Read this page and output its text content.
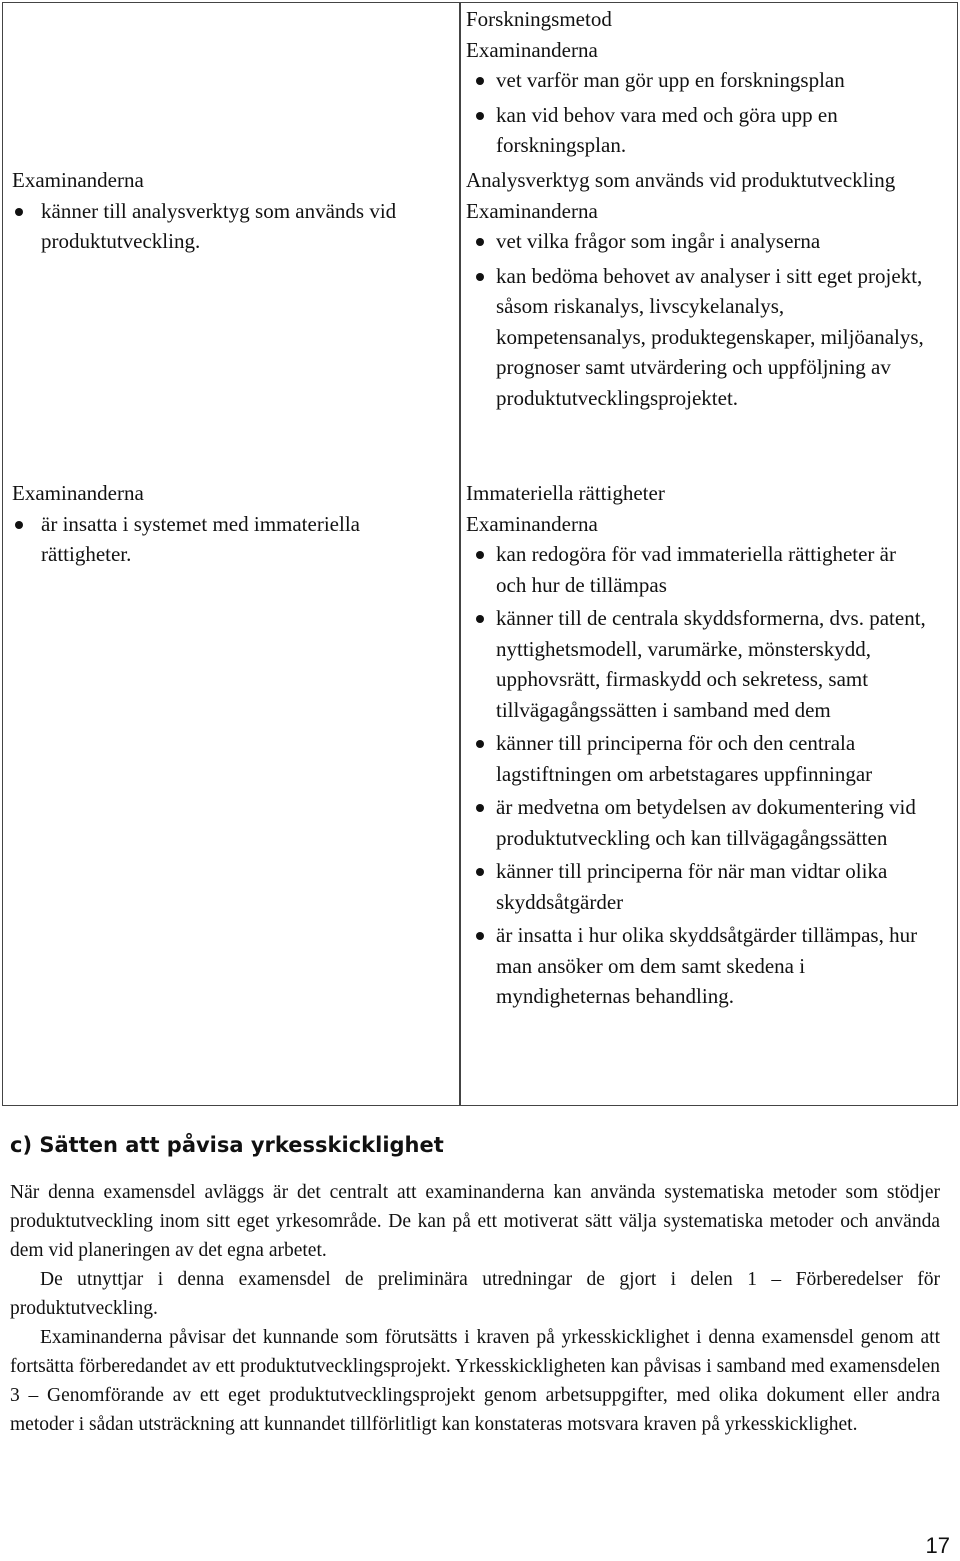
Examinanderna

känner till analysverktyg som används vid produktutveckling.

Examinanderna

är insatta i systemet med immateriella rättigheter.

Forskningsmetod

Examinanderna

vet varför man gör upp en forskningsplan
kan vid behov vara med och göra upp en forskningsplan.

Analysverktyg som används vid produktutveckling

Examinanderna

vet vilka frågor som ingår i analyserna
kan bedöma behovet av analyser i sitt eget projekt, såsom riskanalys, livscykelanalys, kompetensanalys, produktegenskaper, miljöanalys, prognoser samt utvärdering och uppföljning av produktutvecklingsprojektet.

Immateriella rättigheter

Examinanderna

kan redogöra för vad immateriella rättigheter är och hur de tillämpas
känner till de centrala skyddsformerna, dvs. patent, nyttighetsmodell, varumärke, mönsterskydd, upphovsrätt, firmaskydd och sekretess, samt tillvägagångssätten i samband med dem
känner till principerna för och den centrala lagstiftningen om arbetstagares uppfinningar
är medvetna om betydelsen av dokumentering vid produktutveckling och kan tillvägagångssätten
känner till principerna för när man vidtar olika skyddsåtgärder
är insatta i hur olika skyddsåtgärder tillämpas, hur man ansöker om dem samt skedena i myndigheternas behandling.
c) Sätten att påvisa yrkesskicklighet

När denna examensdel avläggs är det centralt att examinanderna kan använda systematiska metoder som stödjer produktutveckling inom sitt eget yrkesområde. De kan på ett motiverat sätt välja systematiska metoder och använda dem vid planeringen av det egna arbetet.

De utnyttjar i denna examensdel de preliminära utredningar de gjort i delen 1 – Förberedelser för produktutveckling.

Examinanderna påvisar det kunnande som förutsätts i kraven på yrkesskicklighet i denna examensdel genom att fortsätta förberedandet av ett produktutvecklingsprojekt. Yrkesskickligheten kan påvisas i samband med examensdelen 3 – Genomförande av ett eget produktutvecklingsprojekt genom arbetsuppgifter, med olika dokument eller andra metoder i sådan utsträckning att kunnandet tillförlitligt kan konstateras motsvara kraven på yrkesskicklighet.

17
